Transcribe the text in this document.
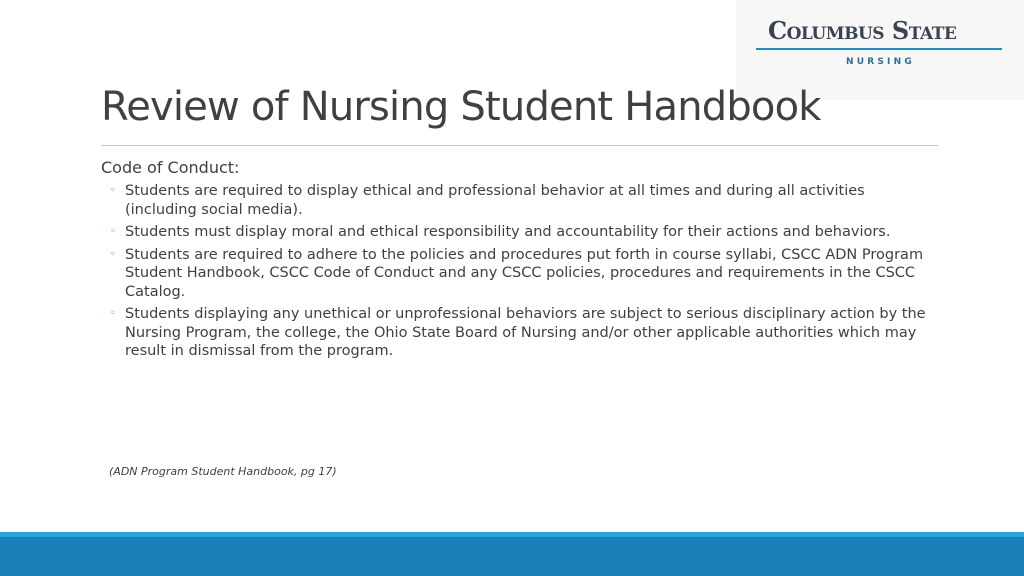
Columbus State
NURSING
Review of Nursing Student Handbook
Code of Conduct:
◦ Students are required to display ethical and professional behavior at all times and during all activities (including social media).
◦ Students must display moral and ethical responsibility and accountability for their actions and behaviors.
◦ Students are required to adhere to the policies and procedures put forth in course syllabi, CSCC ADN Program Student Handbook, CSCC Code of Conduct and any CSCC policies, procedures and requirements in the CSCC Catalog.
◦ Students displaying any unethical or unprofessional behaviors are subject to serious disciplinary action by the Nursing Program, the college, the Ohio State Board of Nursing and/or other applicable authorities which may result in dismissal from the program.
(ADN Program Student Handbook, pg 17)
